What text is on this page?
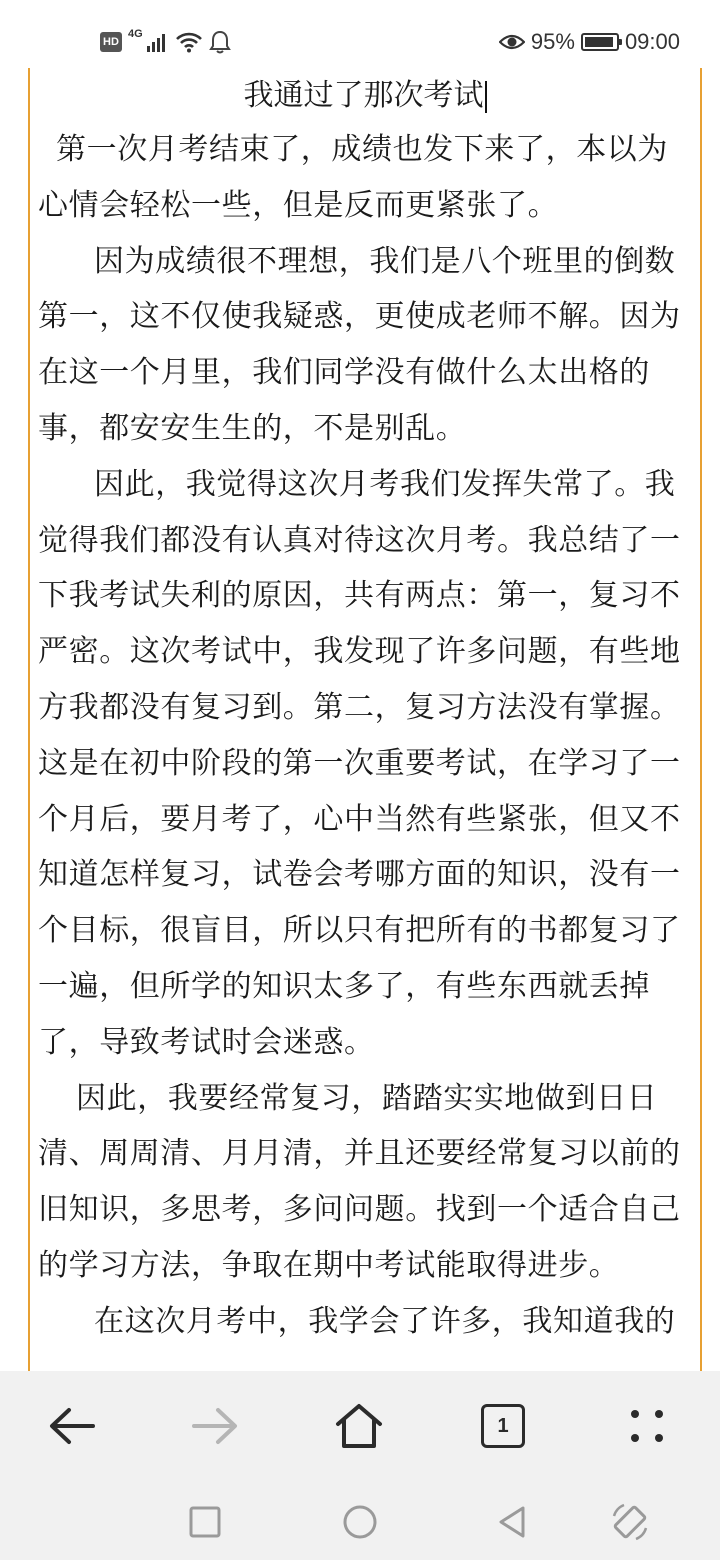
HD
4G	95% 09:00
我通过了那次考试

第一次月考结束了，成绩也发下来了，本以为心情会轻松一些，但是反而更紧张了。

因为成绩很不理想，我们是八个班里的倒数第一，这不仅使我疑惑，更使成老师不解。因为在这一个月里，我们同学没有做什么太出格的事，都安安生生的，不是别乱。

因此，我觉得这次月考我们发挥失常了。我觉得我们都没有认真对待这次月考。我总结了一下我考试失利的原因，共有两点：第一，复习不严密。这次考试中，我发现了许多问题，有些地方我都没有复习到。第二，复习方法没有掌握。这是在初中阶段的第一次重要考试，在学习了一个月后，要月考了，心中当然有些紧张，但又不知道怎样复习，试卷会考哪方面的知识，没有一个目标，很盲目，所以只有把所有的书都复习了一遍，但所学的知识太多了，有些东西就丢掉了，导致考试时会迷惑。

因此，我要经常复习，踏踏实实地做到日日清、周周清、月月清，并且还要经常复习以前的旧知识，多思考，多问问题。找到一个适合自己的学习方法，争取在期中考试能取得进步。

在这次月考中，我学会了许多，我知道我的

1
